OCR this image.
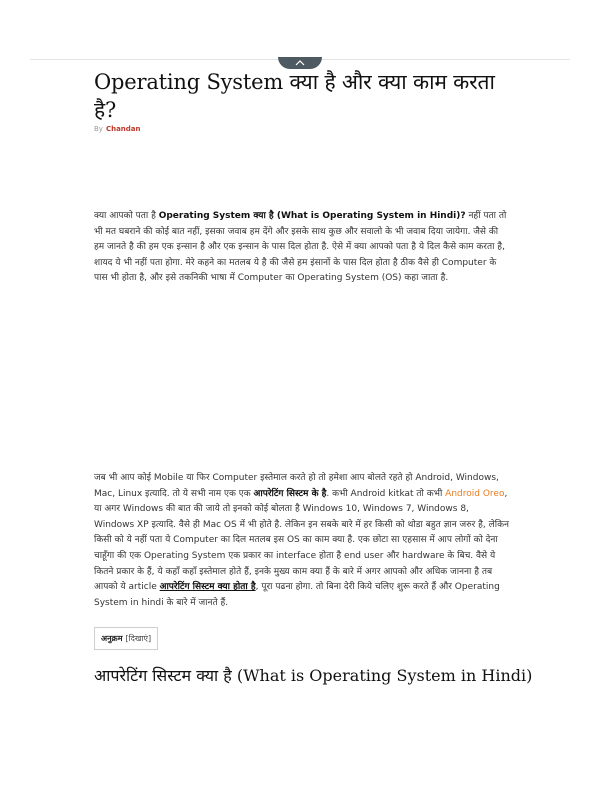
Operating System क्या है और क्या काम करता है?
By Chandan

क्या आपको पता है Operating System क्या है (What is Operating System in Hindi)? नहीं पता तो भी मत घबराने की कोई बात नहीं, इसका जवाब हम देंगे और इसके साथ कुछ और सवालो के भी जवाब दिया जायेगा. जैसे की हम जानते है की हम एक इन्सान है और एक इन्सान के पास दिल होता है. ऐसे में क्या आपको पता है ये दिल कैसे काम करता है, शायद ये भी नहीं पता होगा. मेरे कहने का मतलब ये है की जैसे हम इंसानों के पास दिल होता है ठीक वैसे ही Computer के पास भी होता है, और इसे तकनिकी भाषा में Computer का Operating System (OS) कहा जाता है.

जब भी आप कोई Mobile या फिर Computer इस्तेमाल करते हो तो हमेशा आप बोलते रहते हो Android, Windows, Mac, Linux इत्यादि. तो ये सभी नाम एक एक आपरेटिंग सिस्टम के है. कभी Android kitkat तो कभी Android Oreo, या अगर Windows की बात की जाये तो इनको कोई बोलता है Windows 10, Windows 7, Windows 8, Windows XP इत्यादि. वैसे ही Mac OS में भी होते है. लेकिन इन सबके बारे में हर किसी को थोडा बहुत ज्ञान जरुर है, लेकिन किसी को ये नहीं पता ये Computer का दिल मतलब इस OS का काम क्या है. एक छोटा सा एहसास में आप लोगों को देना चाहूँगा की एक Operating System एक प्रकार का interface होता है end user और hardware के बिच. वैसे ये कितने प्रकार के हैं, ये कहाँ कहाँ इस्तेमाल होते हैं, इनके मुख्य काम क्या हैं के बारे में अगर आपको और अधिक जानना है तब आपको ये article आपरेटिंग सिस्टम क्या होता है, पूरा पढना होगा. तो बिना देरी किये चलिए शुरू करते हैं और Operating System in hindi के बारे में जानते हैं.

अनुक्रम [दिखाएं]
आपरेटिंग सिस्टम क्या है (What is Operating System in Hindi)
